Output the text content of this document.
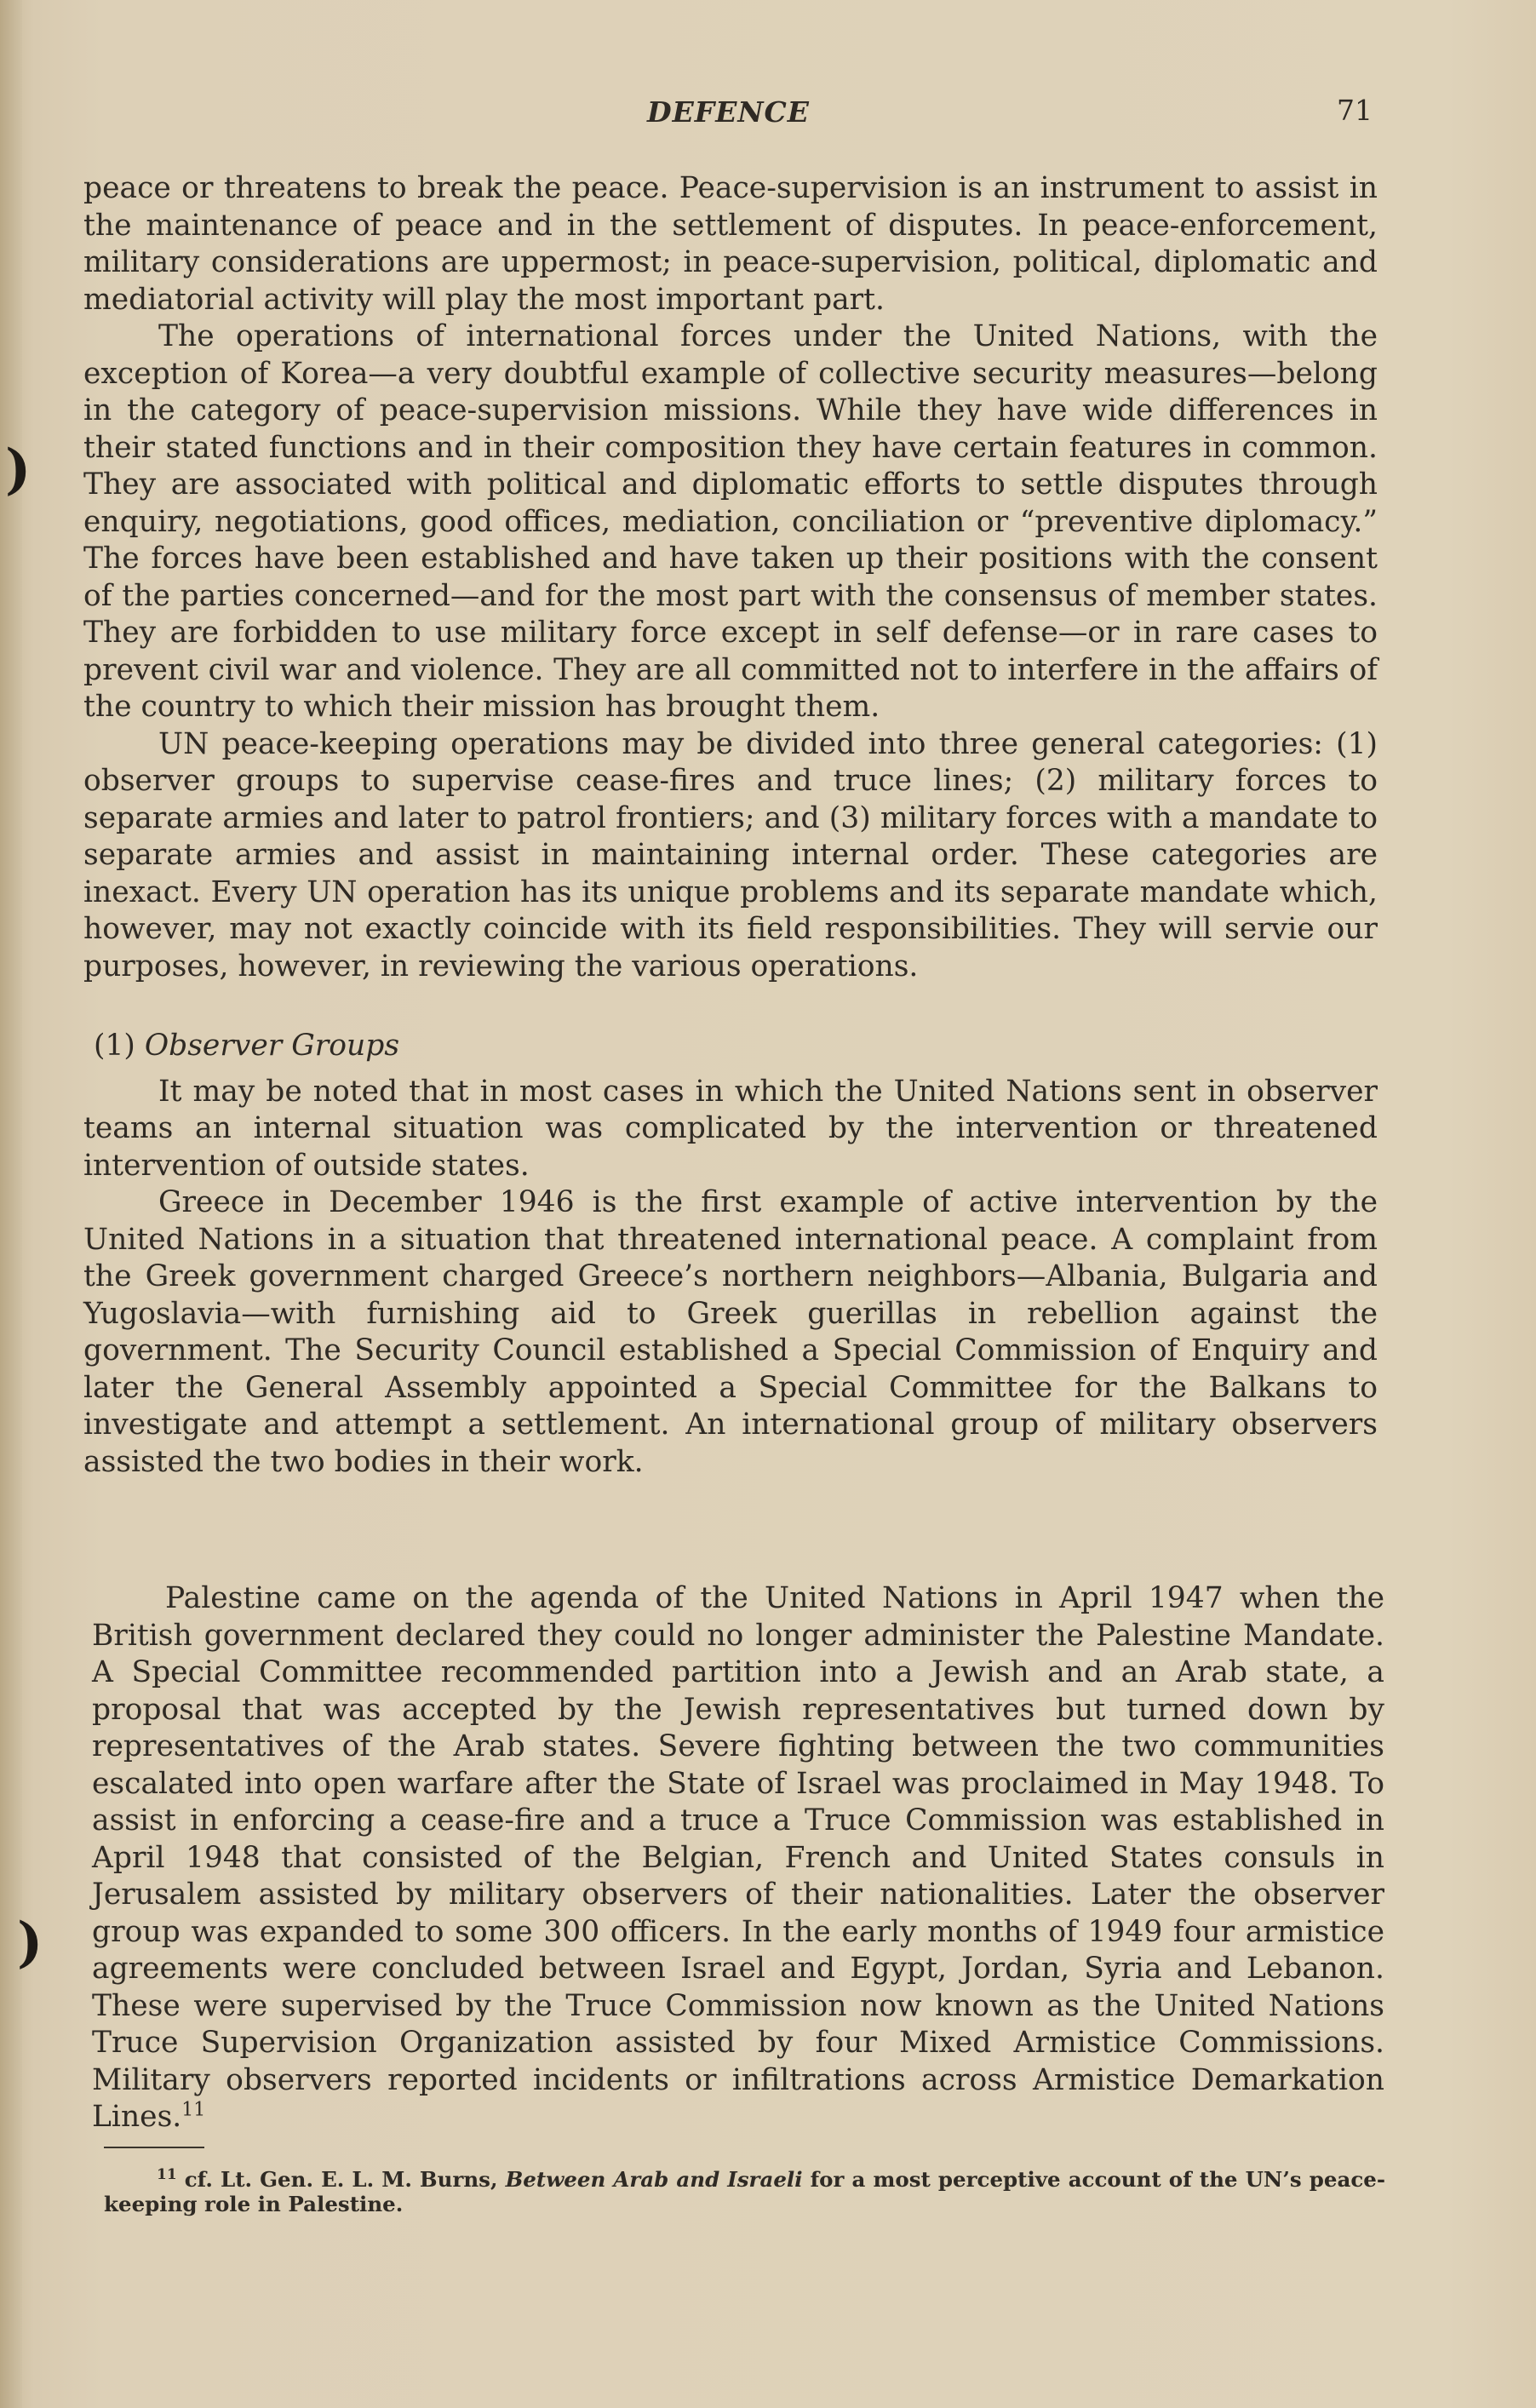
)
)
DEFENCE	71

peace or threatens to break the peace. Peace-supervision is an instrument to assist in the maintenance of peace and in the settlement of disputes. In peace-enforcement, military considerations are uppermost; in peace-supervision, political, diplomatic and mediatorial activity will play the most important part.

The operations of international forces under the United Nations, with the exception of Korea—a very doubtful example of collective security measures—belong in the category of peace-supervision missions. While they have wide differences in their stated functions and in their composition they have certain features in common. They are associated with political and diplomatic efforts to settle disputes through enquiry, negotiations, good offices, mediation, conciliation or “preventive diplomacy.” The forces have been established and have taken up their positions with the consent of the parties concerned—and for the most part with the consensus of member states. They are forbidden to use military force except in self defense—or in rare cases to prevent civil war and violence. They are all committed not to interfere in the affairs of the country to which their mission has brought them.

UN peace-keeping operations may be divided into three general categories: (1) observer groups to supervise cease-fires and truce lines; (2) military forces to separate armies and later to patrol frontiers; and (3) military forces with a mandate to separate armies and assist in maintaining internal order. These categories are inexact. Every UN operation has its unique problems and its separate mandate which, however, may not exactly coincide with its field responsibilities. They will servie our purposes, however, in reviewing the various operations.

(1) Observer Groups

It may be noted that in most cases in which the United Nations sent in observer teams an internal situation was complicated by the intervention or threatened intervention of outside states.

Greece in December 1946 is the first example of active intervention by the United Nations in a situation that threatened international peace. A complaint from the Greek government charged Greece’s northern neighbors—Albania, Bulgaria and Yugoslavia—with furnishing aid to Greek guerillas in rebellion against the government. The Security Council established a Special Commission of Enquiry and later the General Assembly appointed a Special Committee for the Balkans to investigate and attempt a settlement. An international group of military observers assisted the two bodies in their work.

Palestine came on the agenda of the United Nations in April 1947 when the British government declared they could no longer administer the Palestine Mandate. A Special Committee recommended partition into a Jewish and an Arab state, a proposal that was accepted by the Jewish representatives but turned down by representatives of the Arab states. Severe fighting between the two communities escalated into open warfare after the State of Israel was proclaimed in May 1948. To assist in enforcing a cease-fire and a truce a Truce Commission was established in April 1948 that consisted of the Belgian, French and United States consuls in Jerusalem assisted by military observers of their nationalities. Later the observer group was expanded to some 300 officers. In the early months of 1949 four armistice agreements were concluded between Israel and Egypt, Jordan, Syria and Lebanon. These were supervised by the Truce Commission now known as the United Nations Truce Supervision Organization assisted by four Mixed Armistice Commissions. Military observers reported incidents or infiltrations across Armistice Demarkation Lines.$^{11}$

$^{11}$ cf. Lt. Gen. E. L. M. Burns, Between Arab and Israeli for a most perceptive account of the UN’s peace-keeping role in Palestine.
